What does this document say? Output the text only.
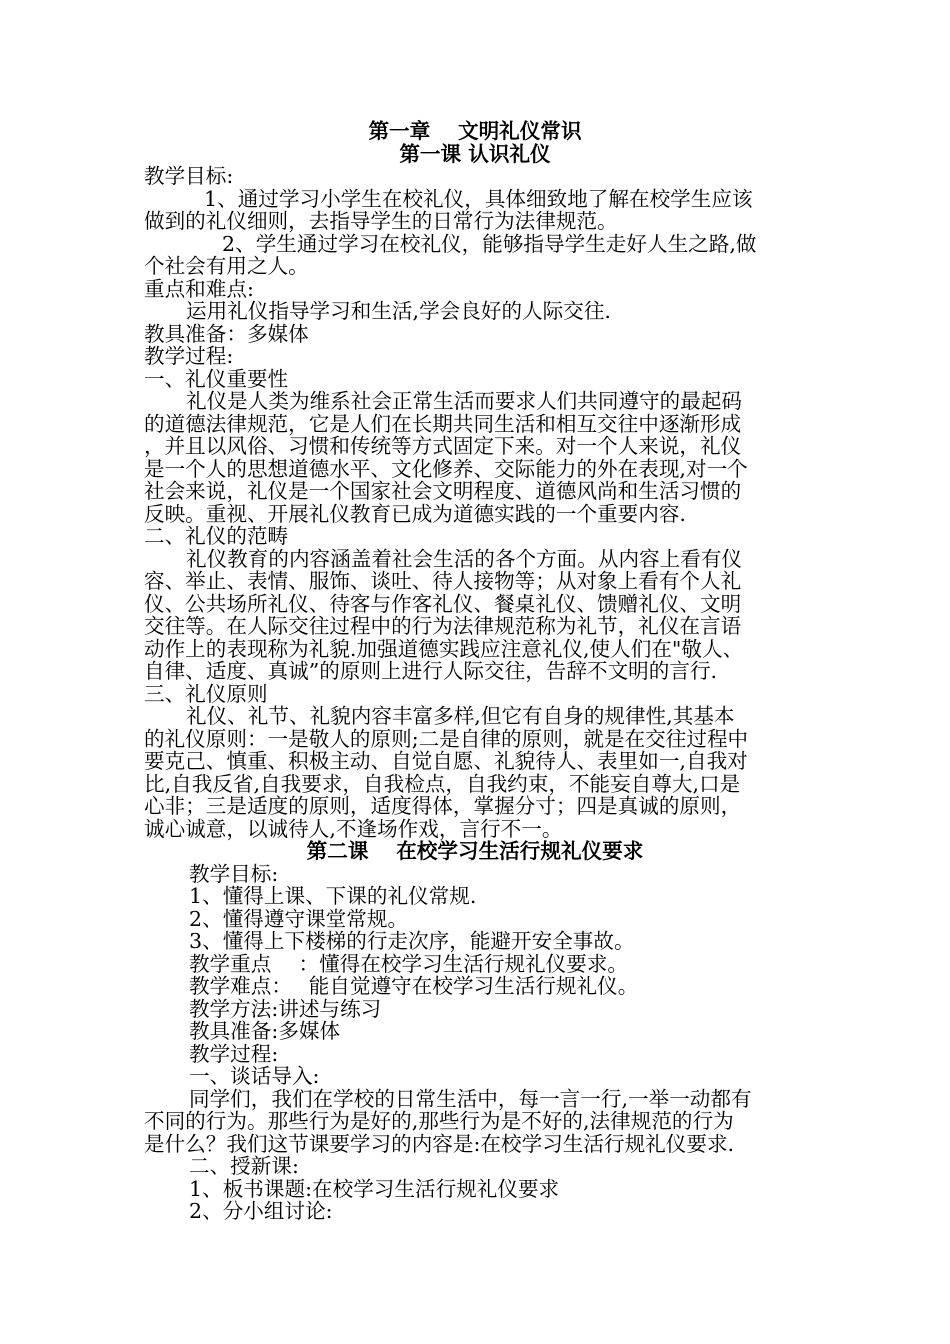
第一章　 文明礼仪常识
第一课 认识礼仪
教学目标:
1、通过学习小学生在校礼仪，具体细致地了解在校学生应该
做到的礼仪细则，去指导学生的日常行为法律规范。
2、学生通过学习在校礼仪，能够指导学生走好人生之路,做
个社会有用之人。
重点和难点:
运用礼仪指导学习和生活,学会良好的人际交往.
教具准备：多媒体
教学过程:
一、礼仪重要性
礼仪是人类为维系社会正常生活而要求人们共同遵守的最起码
的道德法律规范，它是人们在长期共同生活和相互交往中逐渐形成
，并且以风俗、习惯和传统等方式固定下来。对一个人来说，礼仪
是一个人的思想道德水平、文化修养、交际能力的外在表现,对一个
社会来说，礼仪是一个国家社会文明程度、道德风尚和生活习惯的
反映。重视、开展礼仪教育已成为道德实践的一个重要内容.
二、礼仪的范畴
礼仪教育的内容涵盖着社会生活的各个方面。从内容上看有仪
容、举止、表情、服饰、谈吐、待人接物等；从对象上看有个人礼
仪、公共场所礼仪、待客与作客礼仪、餐桌礼仪、馈赠礼仪、文明
交往等。在人际交往过程中的行为法律规范称为礼节，礼仪在言语
动作上的表现称为礼貌.加强道德实践应注意礼仪,使人们在"敬人、
自律、适度、真诚”的原则上进行人际交往，告辞不文明的言行.
三、礼仪原则
礼仪、礼节、礼貌内容丰富多样,但它有自身的规律性,其基本
的礼仪原则：一是敬人的原则;二是自律的原则，就是在交往过程中
要克己、慎重、积极主动、自觉自愿、礼貌待人、表里如一,自我对
比,自我反省,自我要求，自我检点，自我约束，不能妄自尊大,口是
心非；三是适度的原则，适度得体，掌握分寸；四是真诚的原则，
诚心诚意，以诚待人,不逢场作戏，言行不一。
第二课　 在校学习生活行规礼仪要求
教学目标:
1、懂得上课、下课的礼仪常规.
2、懂得遵守课堂常规。
3、懂得上下楼梯的行走次序，能避开安全事故。
教学重点　 ：懂得在校学习生活行规礼仪要求。
教学难点：　 能自觉遵守在校学习生活行规礼仪。
教学方法:讲述与练习
教具准备:多媒体
教学过程:
一、谈话导入:
同学们，我们在学校的日常生活中，每一言一行,一举一动都有
不同的行为。那些行为是好的,那些行为是不好的,法律规范的行为
是什么？我们这节课要学习的内容是:在校学习生活行规礼仪要求.
二、授新课:
1、板书课题:在校学习生活行规礼仪要求
2、分小组讨论:
